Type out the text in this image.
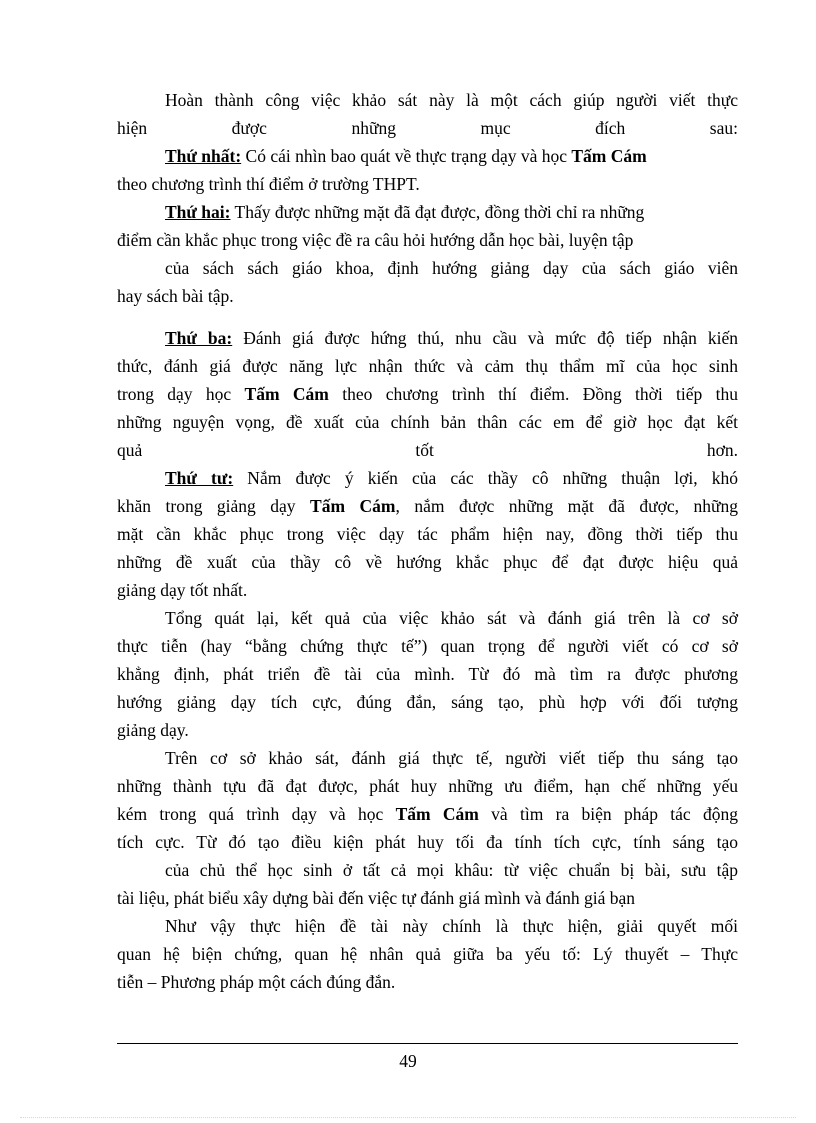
Hoàn thành công việc khảo sát này là một cách giúp người viết thực
hiện được những mục đích sau:
Thứ nhất: Có cái nhìn bao quát về thực trạng dạy và học Tấm Cám
theo chương trình thí điểm ở trường THPT.
Thứ hai: Thấy được những mặt đã đạt được, đồng thời chỉ ra những
điểm cần khắc phục trong việc đề ra câu hỏi hướng dẫn học bài, luyện tập
của sách sách giáo khoa, định hướng giảng dạy của sách giáo viên
hay sách bài tập.
Thứ ba: Đánh giá được hứng thú, nhu cầu và mức độ tiếp nhận kiến
thức, đánh giá được năng lực nhận thức và cảm thụ thẩm mĩ của học sinh
trong dạy học Tấm Cám theo chương trình thí điểm. Đồng thời tiếp thu
những nguyện vọng, đề xuất của chính bản thân các em để giờ học đạt kết
quả tốt hơn.
Thứ tư: Nắm được ý kiến của các thầy cô những thuận lợi, khó
khăn trong giảng dạy Tấm Cám, nắm được những mặt đã được, những
mặt cần khắc phục trong việc dạy tác phẩm hiện nay, đồng thời tiếp thu
những đề xuất của thầy cô về hướng khắc phục để đạt được hiệu quả
giảng dạy tốt nhất.
Tổng quát lại, kết quả của việc khảo sát và đánh giá trên là cơ sở
thực tiễn (hay “bằng chứng thực tế”) quan trọng để người viết có cơ sở
khẳng định, phát triển đề tài của mình. Từ đó mà tìm ra được phương
hướng giảng dạy tích cực, đúng đắn, sáng tạo, phù hợp với đối tượng
giảng dạy.
Trên cơ sở khảo sát, đánh giá thực tế, người viết tiếp thu sáng tạo
những thành tựu đã đạt được, phát huy những ưu điểm, hạn chế những yếu
kém trong quá trình dạy và học Tấm Cám và tìm ra biện pháp tác động
tích cực. Từ đó tạo điều kiện phát huy tối đa tính tích cực, tính sáng tạo
của chủ thể học sinh ở tất cả mọi khâu: từ việc chuẩn bị bài, sưu tập
tài liệu, phát biểu xây dựng bài đến việc tự đánh giá mình và đánh giá bạn
Như vậy thực hiện đề tài này chính là thực hiện, giải quyết mối
quan hệ biện chứng, quan hệ nhân quả giữa ba yếu tố: Lý thuyết – Thực
tiễn – Phương pháp một cách đúng đắn.
49
